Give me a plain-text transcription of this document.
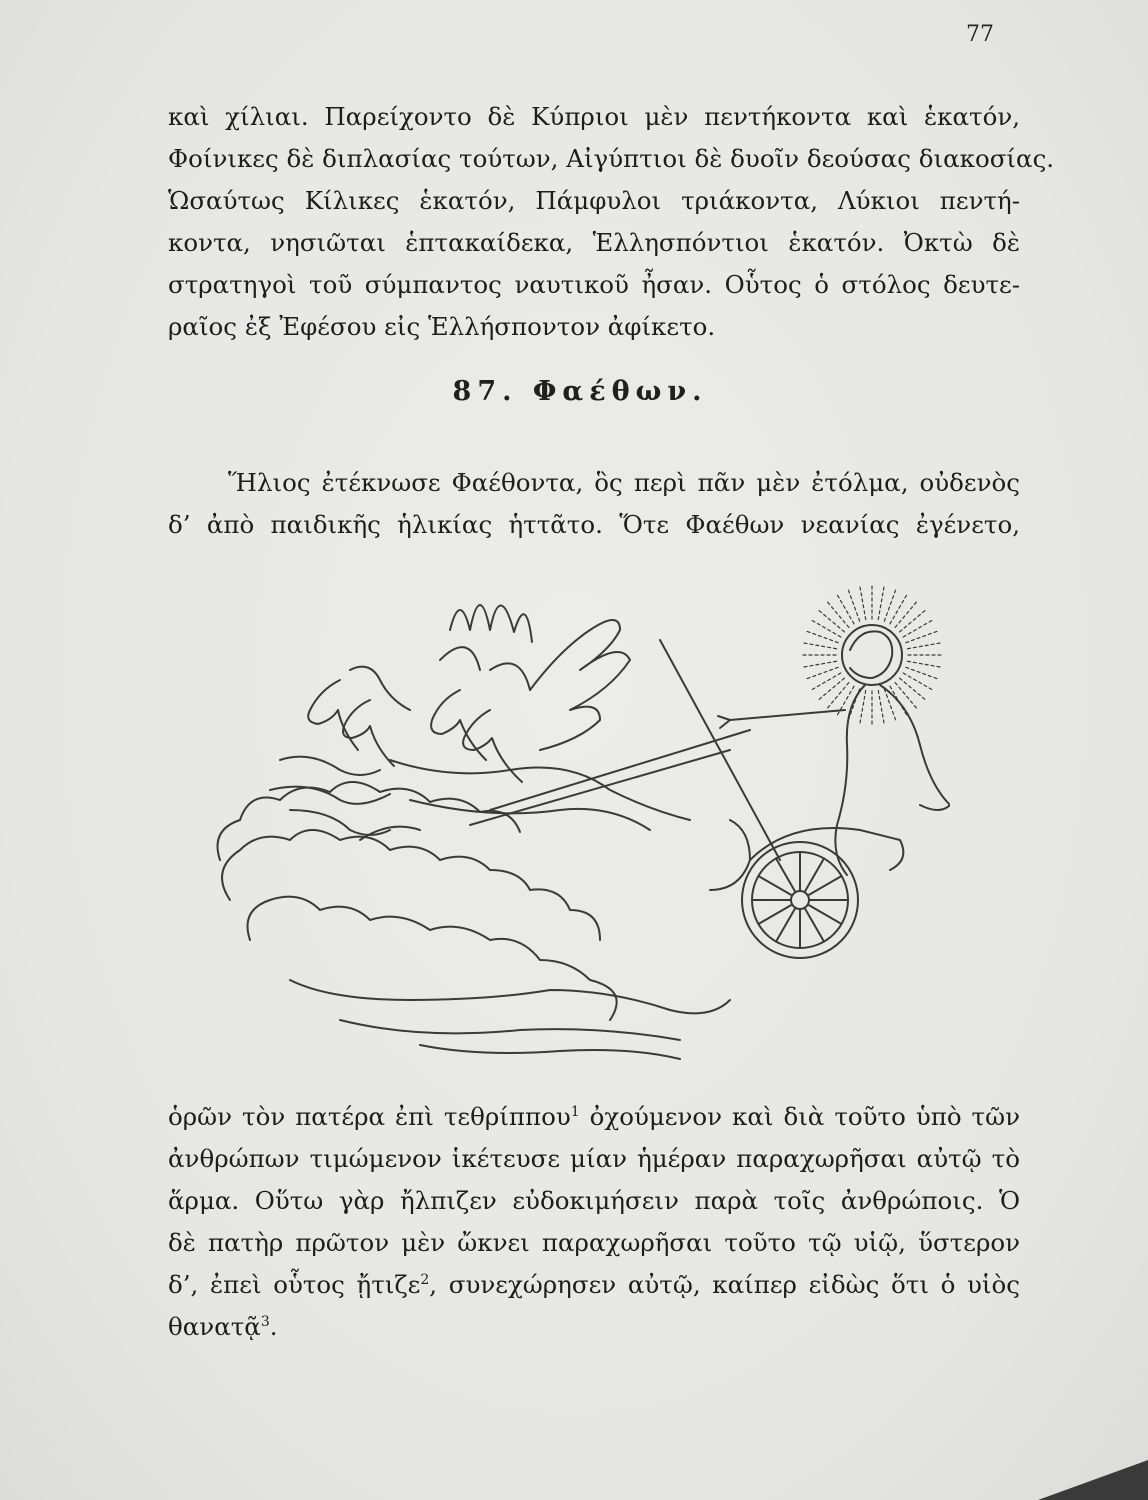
77
καὶ χίλιαι. Παρείχοντο δὲ Κύπριοι μὲν πεντήκοντα καὶ ἑκατόν,
Φοίνικες δὲ διπλασίας τούτων, Αἰγύπτιοι δὲ δυοῖν δεούσας διακοσίας.
Ὡσαύτως Κίλικες ἑκατόν, Πάμφυλοι τριάκοντα, Λύκιοι πεντή-
κοντα, νησιῶται ἑπτακαίδεκα, Ἑλλησπόντιοι ἑκατόν. Ὀκτὼ δὲ
στρατηγοὶ τοῦ σύμπαντος ναυτικοῦ ἦσαν. Οὗτος ὁ στόλος δευτε-
ραῖος ἐξ Ἐφέσου εἰς Ἑλλήσποντον ἀφίκετο.
87. Φαέθων.
Ἥλιος ἐτέκνωσε Φαέθοντα, ὃς περὶ πᾶν μὲν ἐτόλμα, οὐδενὸς
δ’ ἀπὸ παιδικῆς ἡλικίας ἡττᾶτο. Ὅτε Φαέθων νεανίας ἐγένετο,
ὁρῶν τὸν πατέρα ἐπὶ τεθρίππου$^1$ ὀχούμενον καὶ διὰ τοῦτο ὑπὸ τῶν
ἀνθρώπων τιμώμενον ἱκέτευσε μίαν ἡμέραν παραχωρῆσαι αὐτῷ τὸ
ἅρμα. Οὕτω γὰρ ἤλπιζεν εὐδοκιμήσειν παρὰ τοῖς ἀνθρώποις. Ὁ
δὲ πατὴρ πρῶτον μὲν ὤκνει παραχωρῆσαι τοῦτο τῷ υἱῷ, ὕστερον
δ’, ἐπεὶ οὗτος ᾔτιζε$^2$, συνεχώρησεν αὐτῷ, καίπερ εἰδὼς ὅτι ὁ υἱὸς
θανατᾷ$^3$.
